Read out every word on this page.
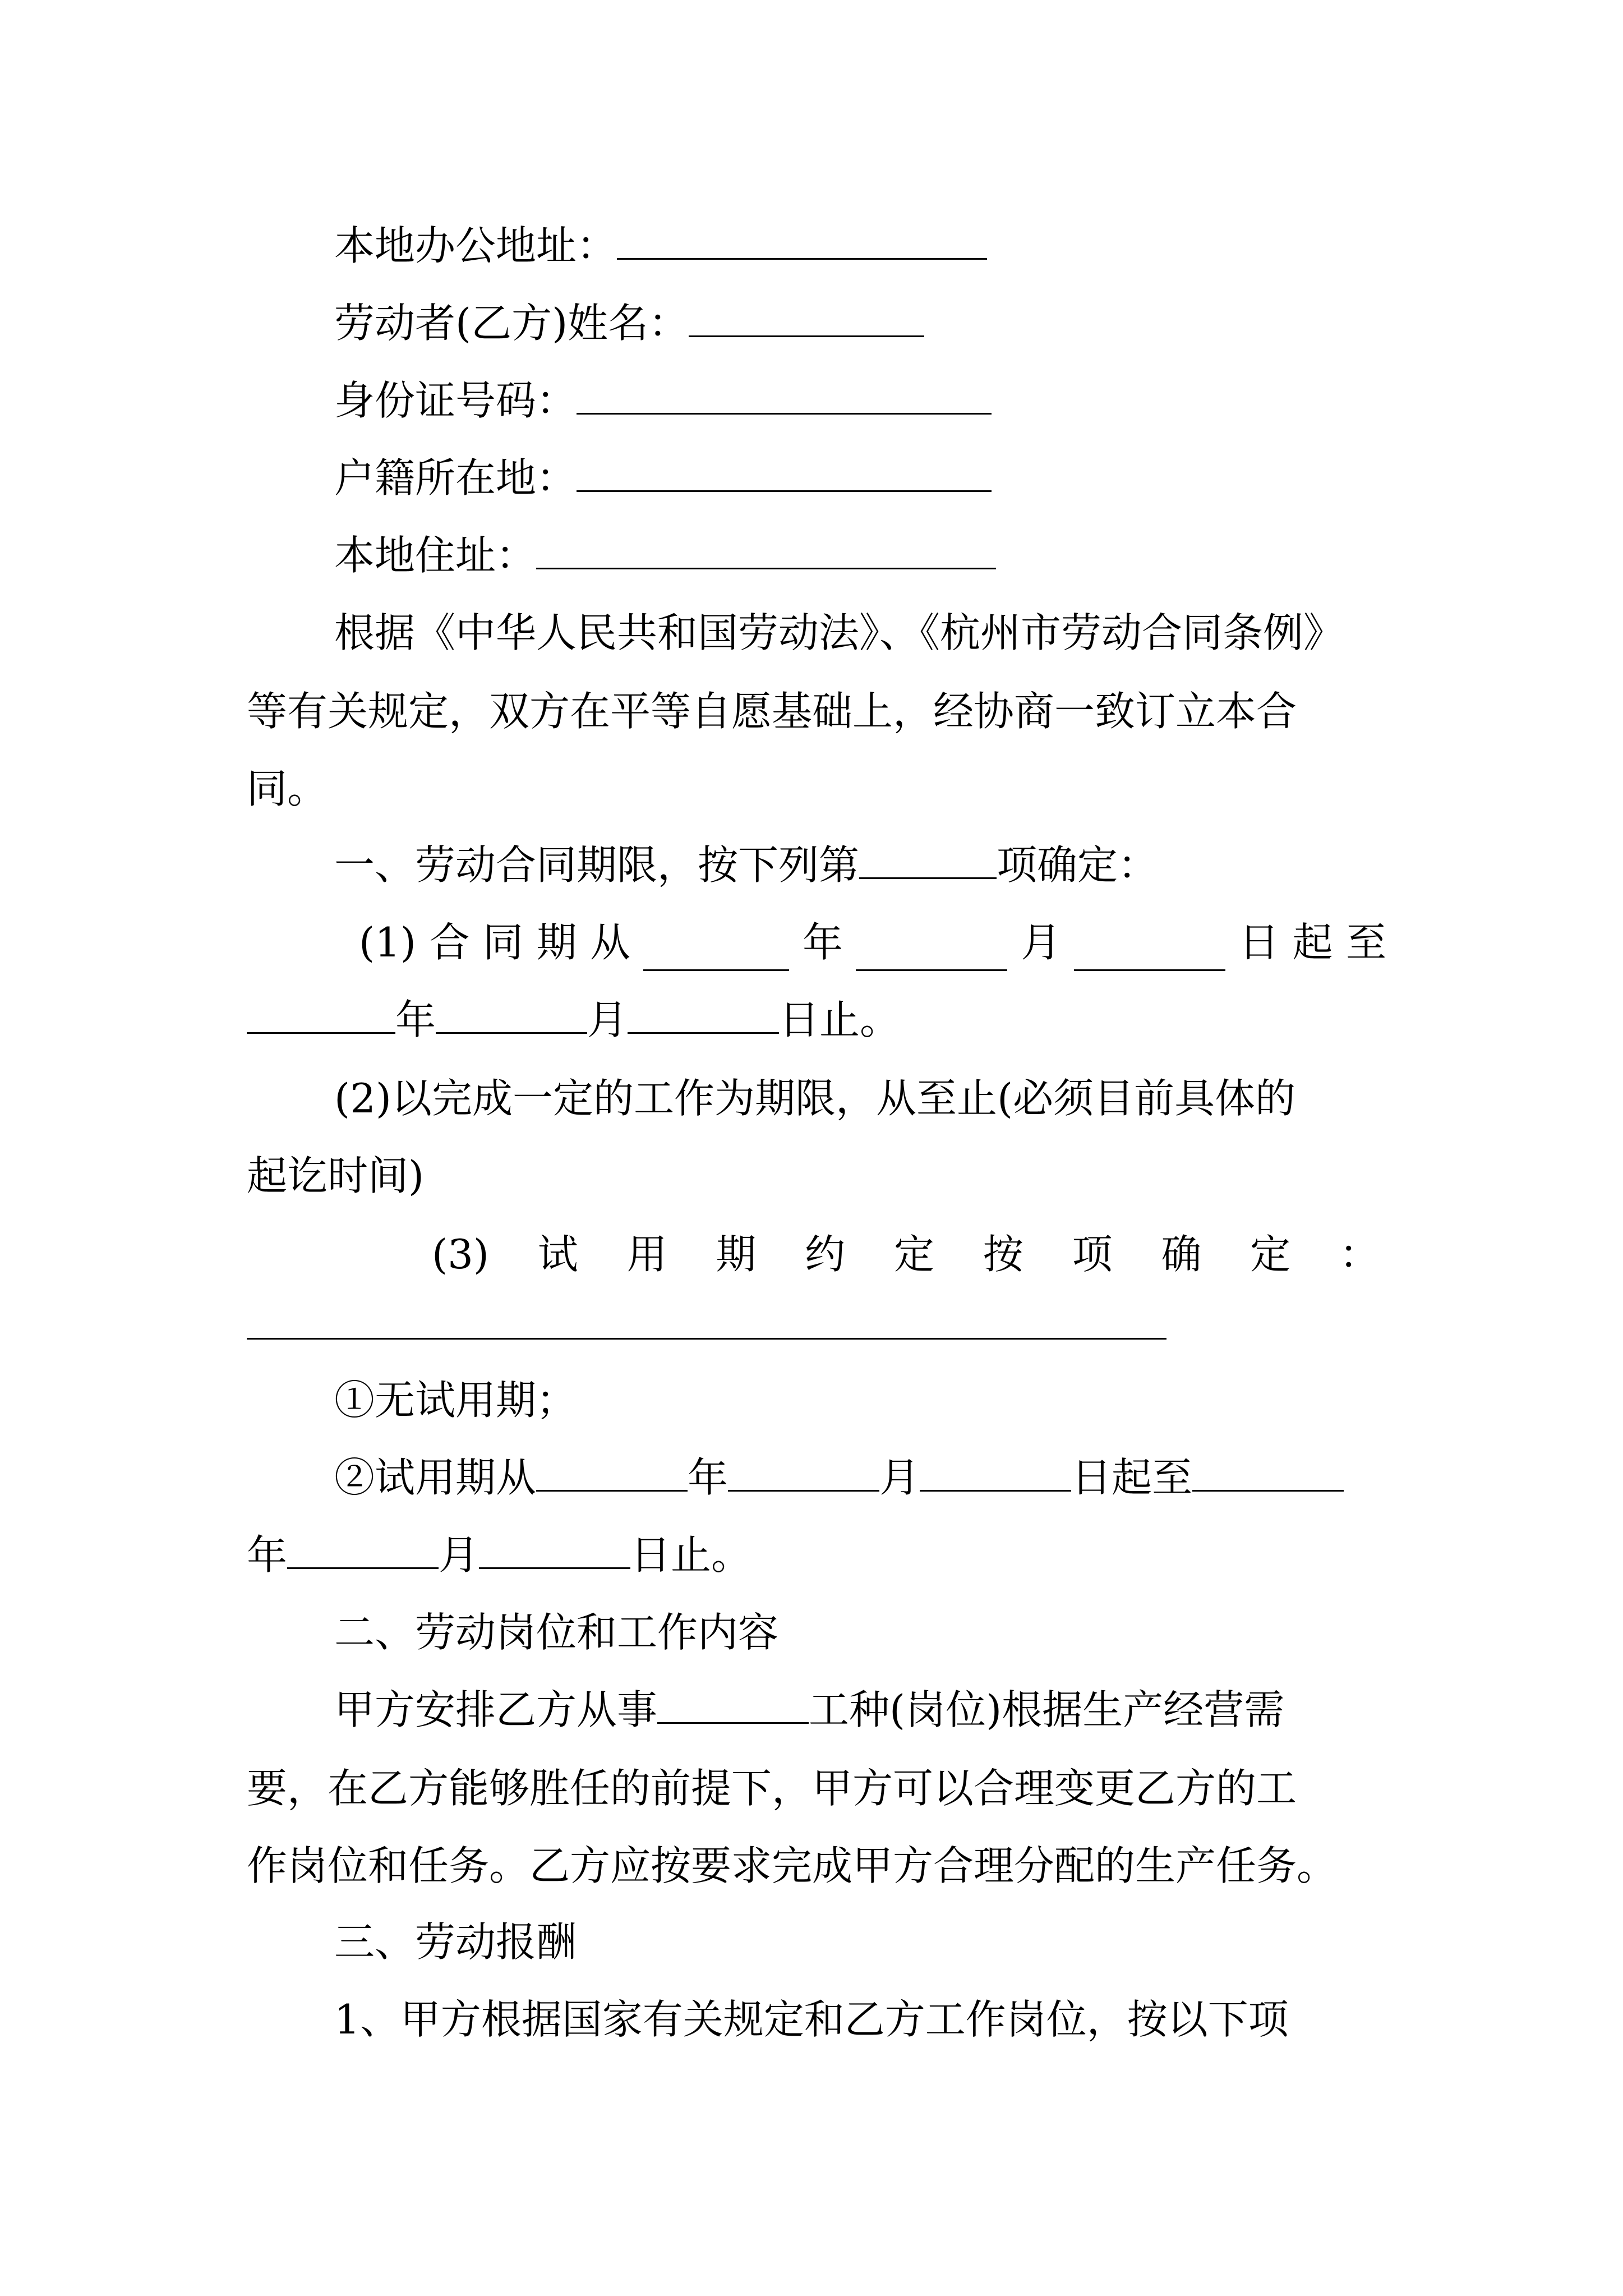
本地办公地址：
劳动者(乙方)姓名：
身份证号码：
户籍所在地：
本地住址：
根据《中华人民共和国劳动法》、《杭州市劳动合同条例》
等有关规定，双方在平等自愿基础上，经协商一致订立本合
同。
一、劳动合同期限，按下列第	项确定：
(1) 合 同 期 从	年	月	日 起 至
年	月	日止。
(2)以完成一定的工作为期限，从至止(必须目前具体的
起讫时间)
(3) 试 用 期 约 定 按 项 确 定 ：
①无试用期；
②试用期从	年	月	日起至
年	月	日止。
二、劳动岗位和工作内容
甲方安排乙方从事	工种(岗位)根据生产经营需
要，在乙方能够胜任的前提下，甲方可以合理变更乙方的工
作岗位和任务。乙方应按要求完成甲方合理分配的生产任务。
三、劳动报酬
1、甲方根据国家有关规定和乙方工作岗位，按以下项
